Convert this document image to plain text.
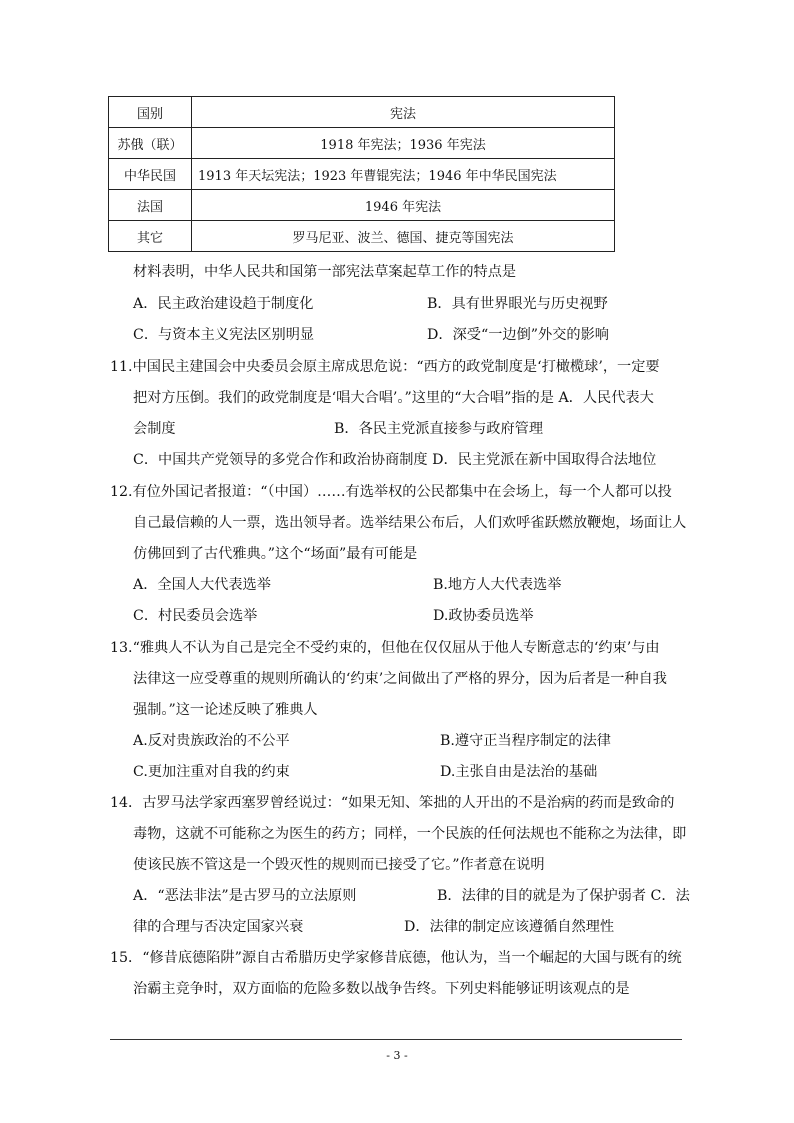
国别	宪法
苏俄（联）	1918 年宪法；1936 年宪法
中华民国	1913 年天坛宪法；1923 年曹锟宪法；1946 年中华民国宪法
法国	1946 年宪法
其它	罗马尼亚、波兰、德国、捷克等国宪法
材料表明，中华人民共和国第一部宪法草案起草工作的特点是
A．民主政治建设趋于制度化	B．具有世界眼光与历史视野
C．与资本主义宪法区别明显	D．深受“一边倒”外交的影响
11.中国民主建国会中央委员会原主席成思危说：“西方的政党制度是‘打橄榄球’，一定要
把对方压倒。我们的政党制度是‘唱大合唱’。”这里的“大合唱”指的是 A．人民代表大
会制度	B．各民主党派直接参与政府管理
C．中国共产党领导的多党合作和政治协商制度 D．民主党派在新中国取得合法地位
12.有位外国记者报道：“（中国）……有选举权的公民都集中在会场上，每一个人都可以投
自己最信赖的人一票，选出领导者。选举结果公布后，人们欢呼雀跃燃放鞭炮，场面让人
仿佛回到了古代雅典。”这个“场面”最有可能是
A．全国人大代表选举	B.地方人大代表选举
C．村民委员会选举	D.政协委员选举
13.“雅典人不认为自己是完全不受约束的，但他在仅仅屈从于他人专断意志的‘约束’与由
法律这一应受尊重的规则所确认的‘约束’之间做出了严格的界分，因为后者是一种自我
强制。”这一论述反映了雅典人
A.反对贵族政治的不公平	B.遵守正当程序制定的法律
C.更加注重对自我的约束	D.主张自由是法治的基础
14．古罗马法学家西塞罗曾经说过：“如果无知、笨拙的人开出的不是治病的药而是致命的
毒物，这就不可能称之为医生的药方；同样，一个民族的任何法规也不能称之为法律，即
使该民族不管这是一个毁灭性的规则而已接受了它。”作者意在说明
A．“恶法非法”是古罗马的立法原则	B．法律的目的就是为了保护弱者 C．法
律的合理与否决定国家兴衰	D．法律的制定应该遵循自然理性
15．“修昔底德陷阱”源自古希腊历史学家修昔底德，他认为，当一个崛起的大国与既有的统
治霸主竞争时，双方面临的危险多数以战争告终。下列史料能够证明该观点的是
- 3 -
